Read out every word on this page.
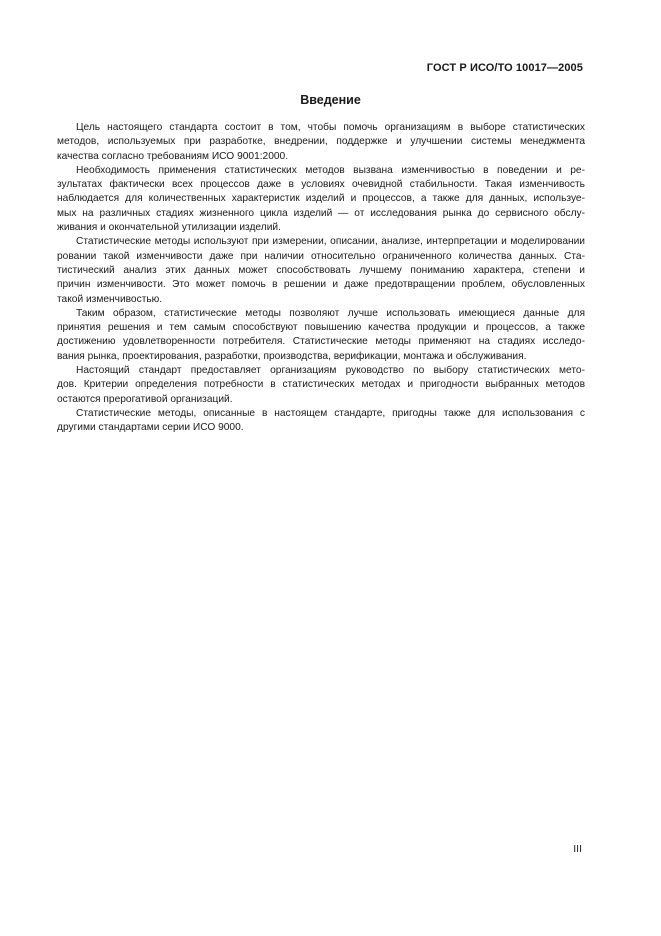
ГОСТ Р ИСО/ТО 10017—2005
Введение

Цель настоящего стандарта состоит в том, чтобы помочь организациям в выборе статистических
методов, используемых при разработке, внедрении, поддержке и улучшении системы менеджмента
качества согласно требованиям ИСО 9001:2000.

Необходимость применения статистических методов вызвана изменчивостью в поведении и ре-
зультатах фактически всех процессов даже в условиях очевидной стабильности. Такая изменчивость
наблюдается для количественных характеристик изделий и процессов, а также для данных, используе-
мых на различных стадиях жизненного цикла изделий — от исследования рынка до сервисного обслу-
живания и окончательной утилизации изделий.

Статистические методы используют при измерении, описании, анализе, интерпретации и моделировании
ровании такой изменчивости даже при наличии относительно ограниченного количества данных. Ста-
тистический анализ этих данных может способствовать лучшему пониманию характера, степени и
причин изменчивости. Это может помочь в решении и даже предотвращении проблем, обусловленных
такой изменчивостью.

Таким образом, статистические методы позволяют лучше использовать имеющиеся данные для
принятия решения и тем самым способствуют повышению качества продукции и процессов, а также
достижению удовлетворенности потребителя. Статистические методы применяют на стадиях исследо-
вания рынка, проектирования, разработки, производства, верификации, монтажа и обслуживания.

Настоящий стандарт предоставляет организациям руководство по выбору статистических мето-
дов. Критерии определения потребности в статистических методах и пригодности выбранных методов
остаются прерогативой организаций.

Статистические методы, описанные в настоящем стандарте, пригодны также для использования с
другими стандартами серии ИСО 9000.

III
